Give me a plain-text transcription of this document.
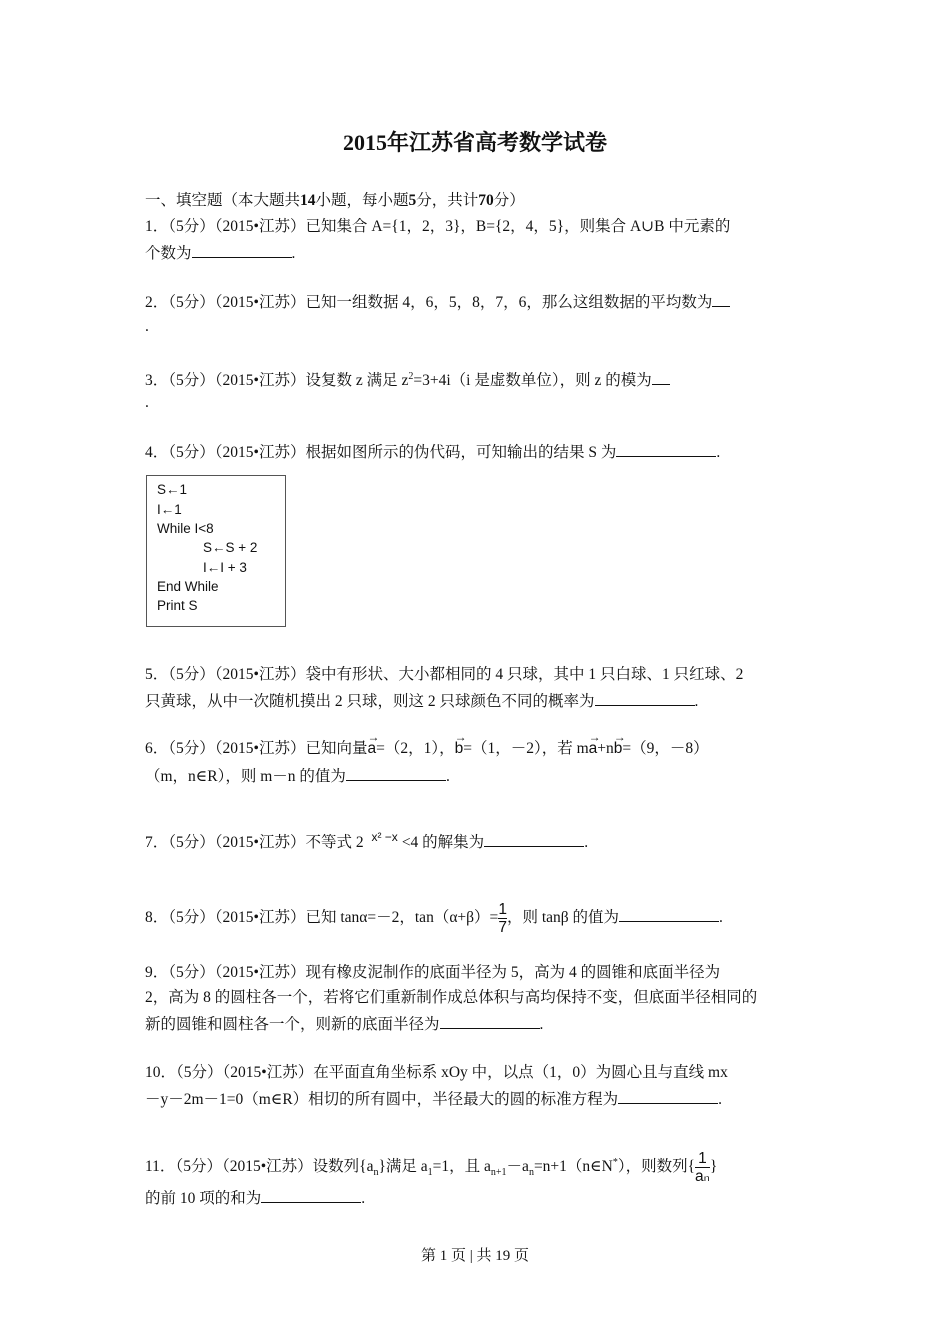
2015年江苏省高考数学试卷
一、填空题（本大题共14小题，每小题5分，共计70分）
1．（5分）（2015•江苏）已知集合 A={1，2，3}，B={2，4，5}，则集合 A∪B 中元素的
个数为	.
2．（5分）（2015•江苏）已知一组数据 4，6，5，8，7，6，那么这组数据的平均数为
.
3．（5分）（2015•江苏）设复数 z 满足 $z^2=3+4i(i$ 是虚数单位），则 z 的模为
.
4．（5分）（2015•江苏）根据如图所示的伪代码，可知输出的结果 S 为	.
S←1
I←1
While I<8
S←S + 2
I←I + 3
End While
Print S
5．（5分）（2015•江苏）袋中有形状、大小都相同的 4 只球，其中 1 只白球、1 只红球、2
只黄球，从中一次随机摸出 2 只球，则这 2 只球颜色不同的概率为	.
6．（5分）（2015•江苏）已知向量→ a=（2，1），→ b=（1，－2），若 m→ a+n→ b=（9，－8）
（m，n∈R），则 m－n 的值为	.
7．（5分）（2015•江苏）不等式 2 $^{x^2 -x}$ <4 的解集为	.
8．（5分）（2015•江苏）已知 tanα=－2，$\tan(\alpha+\beta)= \frac{1}{7}$ ，则 tanβ 的值为	.
9．（5分）（2015•江苏）现有橡皮泥制作的底面半径为 5，高为 4 的圆锥和底面半径为
2，高为 8 的圆柱各一个，若将它们重新制作成总体积与高均保持不变，但底面半径相同的
新的圆锥和圆柱各一个，则新的底面半径为	.
10．（5分）（2015•江苏）在平面直角坐标系 xOy 中，以点（1，0）为圆心且与直线 mx
－y－2m－1=0（m∈R）相切的所有圆中，半径最大的圆的标准方程为	.
11．（5分）（2015•江苏）设数列$\{a_n\}$满足 $a_1=1$，且 $a_{n+1}-a_n=n+1(n\in N^*)$，则数列{ $\frac{1}{\text{aₙ}}$ }
的前 10 项的和为	.
第 1 页 | 共 19 页
